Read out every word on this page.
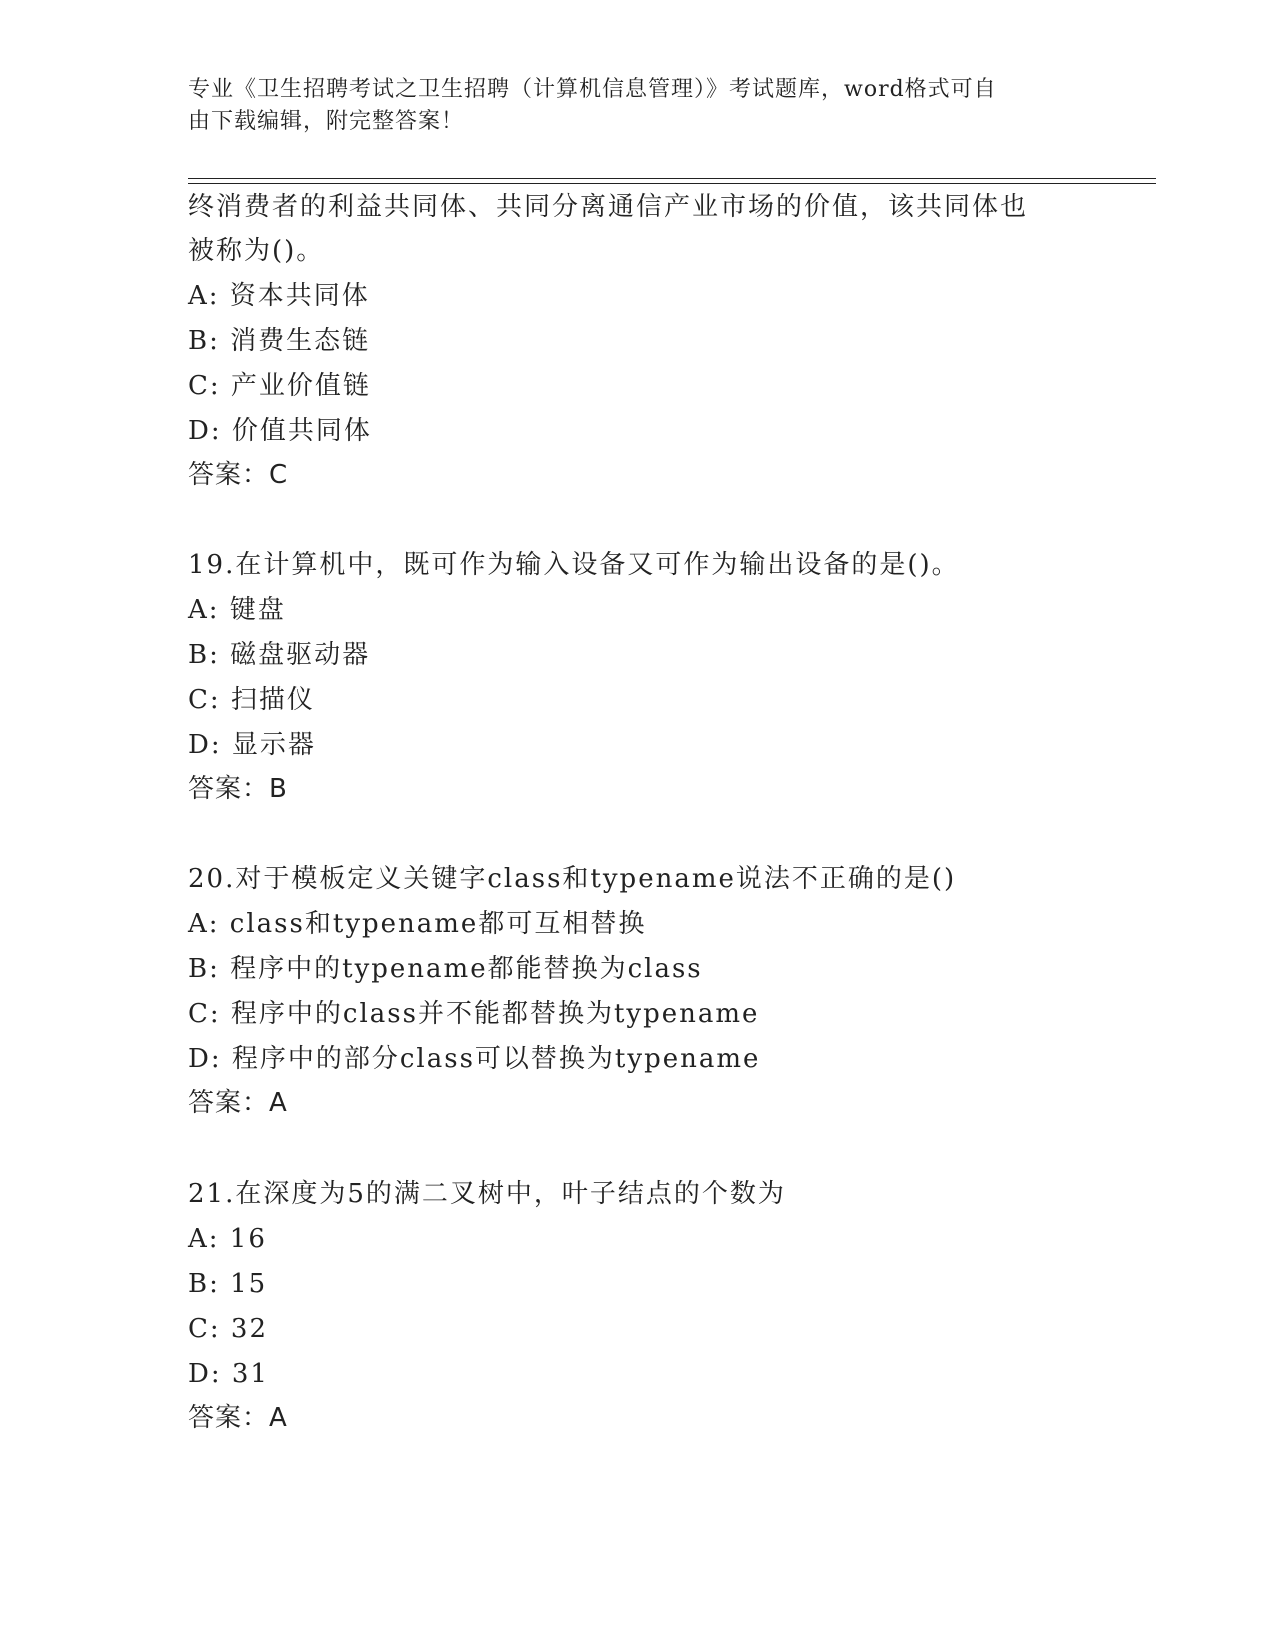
专业《卫生招聘考试之卫生招聘（计算机信息管理）》考试题库，word格式可自
由下载编辑，附完整答案！
终消费者的利益共同体、共同分离通信产业市场的价值，该共同体也
被称为()。
A: 资本共同体
B: 消费生态链
C: 产业价值链
D: 价值共同体
答案：C
19.在计算机中，既可作为输入设备又可作为输出设备的是()。
A: 键盘
B: 磁盘驱动器
C: 扫描仪
D: 显示器
答案：B
20.对于模板定义关键字class和typename说法不正确的是()
A: class和typename都可互相替换
B: 程序中的typename都能替换为class
C: 程序中的class并不能都替换为typename
D: 程序中的部分class可以替换为typename
答案：A
21.在深度为5的满二叉树中，叶子结点的个数为
A: 16
B: 15
C: 32
D: 31
答案：A
